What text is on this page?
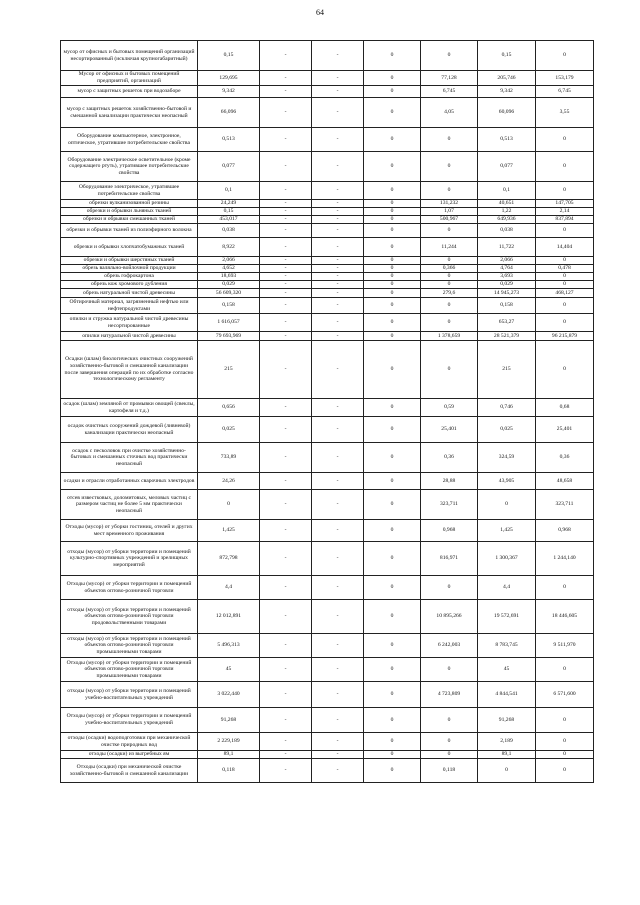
64
мусор от офисных и бытовых помещений организаций несортированный (исключая крупногабаритный)	0,15	-	-	0	0	0,15	0
Мусор от офисных и бытовых помещений предприятий, организаций	129,695	-	-	0	77,128	205,746	153,179
мусор с защитных решеток при водозаборе	9,342	-	-	0	6,745	9,342	6,745
мусор с защитных решеток хозяйственно-бытовой и смешанной канализации практически неопасный	66,096	-	-	0	4,05	60,096	3,55
Оборудование компьютерное, электронное, оптическое, утратившие потребительские свойства	0,513	-	-	0	0	0,513	0
Оборудование электрическое осветительное (кроме содержащего ртуть), утратившее потребительские свойства	0,077	-	-	0	0	0,077	0
Оборудование электрическое, утратившее потребительские свойства	0,1	-	-	0	0	0,1	0
обрезки вулканизованной резины	24,249	-	-	0	131,232	40,651	147,705
обрезки и обрывки льняных тканей	0,15	-	-	0	1,07	1,22	2,14
обрезки и обрывки смешанных тканей	453,017	-	-	0	500,967	649,936	837,894
обрезки и обрывки тканей из полиэфирного волокна	0,038	-	-	0	0	0,038	0
обрезки и обрывки хлопчатобумажных тканей	8,922	-	-	0	11,244	11,722	14,404
обрезки и обрывки шерстяных тканей	2,066	-	-	0	0	2,066	0
обрезь валяльно-войлочной продукции	4,652	-	-	0	0,366	4,764	0,478
обрезь гофрокартона	18,693	-	-	0	0	3,693	0
обрезь кож хромового дубления	0,029	-	-	0	0	0,029	0
обрезь натуральной чистой древесины	56 609,320	-	-	0	279,6	14 945,273	468,127
Обтирочный материал, загрязненный нефтью или нефтепродуктами	0,158	-	-	0	0	0,158	0
опилки и стружка натуральной чистой древесины несортированные	1 616,057	-	-	0	0	653,27	0
опилки натуральной чистой древесины	79 693,969	-	-	0	1 378,659	28 521,379	96 215,879
Осадки (шлам) биологических очистных сооружений хозяйственно-бытовой и смешанной канализации после завершения операций по их обработке согласно технологическому регламенту	215	-	-	0	0	215	0
осадок (шлам) земляной от промывки овощей (свеклы, картофеля и т.д.)	0,656	-	-	0	0,59	0,746	0,68
осадок очистных сооружений дождевой (ливневой) канализации практически неопасный	0,025	-	-	0	25,401	0,025	25,401
осадок с песколовок при очистке хозяйственно-бытовых и смешанных сточных вод практически неопасный	733,89	-	-	0	0,36	324,59	0,36
осадки и отрасли отработанных сварочных электродов	24,26	-	-	0	28,88	43,905	48,658
отсев известковых, доломитовых, меловых частиц с размером частиц не более 5 мм практически неопасный	0	-	-	0	323,711	0	323,711
Отходы (мусор) от уборки гостиниц, отелей и других мест временного проживания	1,425	-	-	0	0,968	1,425	0,968
отходы (мусор) от уборки территории и помещений культурно-спортивных учреждений и зрелищных мероприятий	872,798	-	-	0	816,971	1 300,367	1 244,140
Отходы (мусор) от уборки территории и помещений объектов оптово-розничной торговли	4,4	-	-	0	0	4,4	0
отходы (мусор) от уборки территории и помещений объектов оптово-розничной торговли продовольственными товарами	12 012,891	-	-	0	10 895,266	19 572,691	18 446,605
отходы (мусор) от уборки территории и помещений объектов оптово-розничной торговли промышленными товарами	5 496,313	-	-	0	6 242,003	8 783,745	9 511,970
Отходы (мусор) от уборки территории и помещений объектов оптово-розничной торговли промышленными товарами	45	-	-	0	0	45	0
отходы (мусор) от уборки территории и помещений учебно-воспитательных учреждений	3 022,440	-	-	0	4 723,809	4 844,541	6 571,600
Отходы (мусор) от уборки территории и помещений учебно-воспитательных учреждений	91,268	-	-	0	0	91,268	0
отходы (осадки) водоподготовки при механической очистке природных вод	2 229,189	-	-	0	0	2,189	0
отходы (осадки) из выгребных ям	89,1	-	-	0	0	89,1	0
Отходы (осадки) при механической очистке хозяйственно-бытовой и смешанной канализации	0,118	-	-	0	0,118	0	0
